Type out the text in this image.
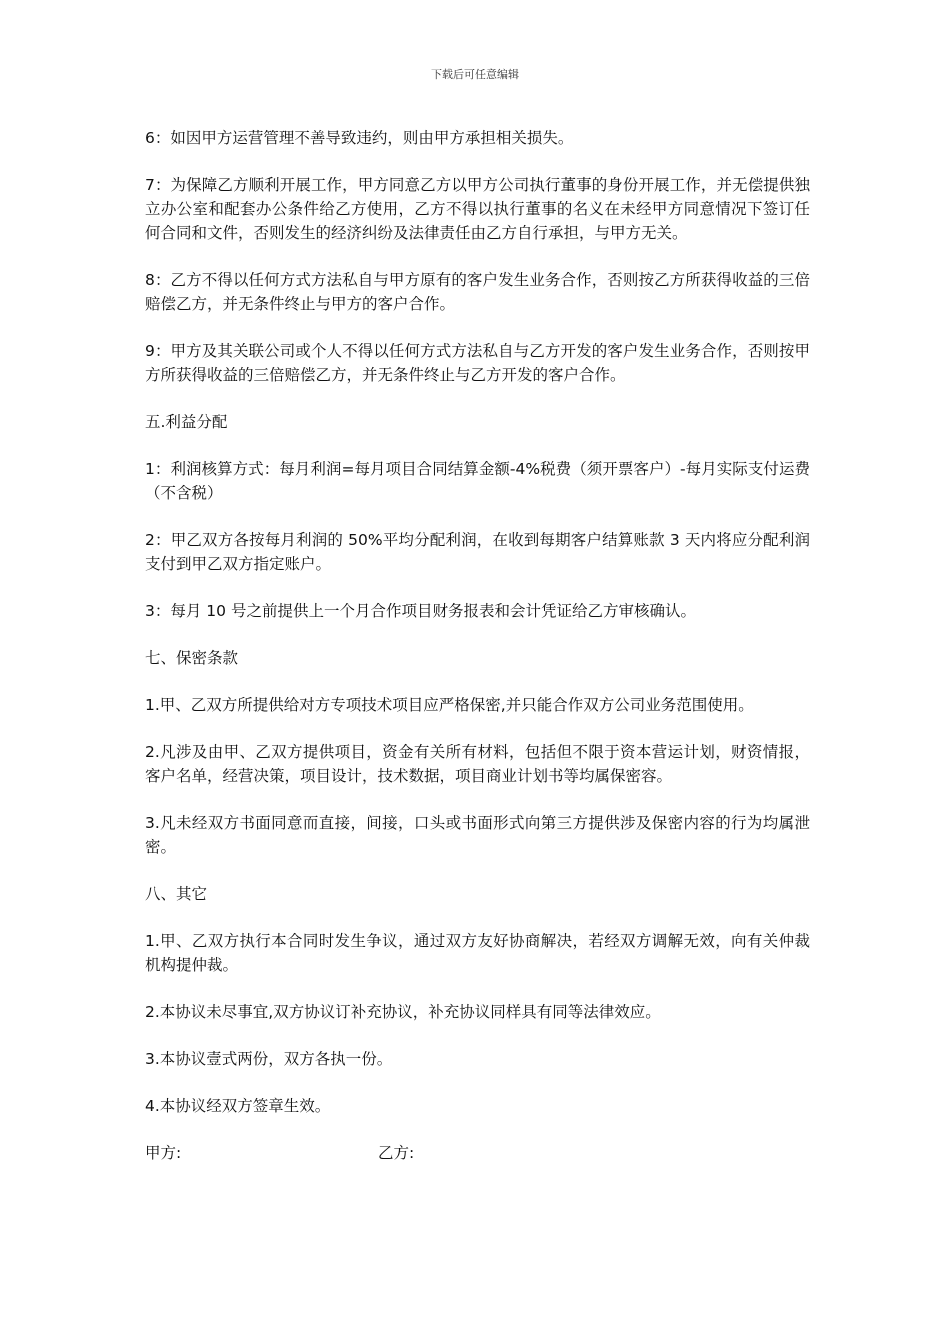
下载后可任意编辑

6：如因甲方运营管理不善导致违约，则由甲方承担相关损失。

7：为保障乙方顺利开展工作，甲方同意乙方以甲方公司执行董事的身份开展工作，并无偿提供独立办公室和配套办公条件给乙方使用，乙方不得以执行董事的名义在未经甲方同意情况下签订任何合同和文件，否则发生的经济纠纷及法律责任由乙方自行承担，与甲方无关。

8：乙方不得以任何方式方法私自与甲方原有的客户发生业务合作，否则按乙方所获得收益的三倍赔偿乙方，并无条件终止与甲方的客户合作。

9：甲方及其关联公司或个人不得以任何方式方法私自与乙方开发的客户发生业务合作，否则按甲方所获得收益的三倍赔偿乙方，并无条件终止与乙方开发的客户合作。

五.利益分配

1：利润核算方式：每月利润=每月项目合同结算金额-4%税费（须开票客户）-每月实际支付运费（不含税）

2：甲乙双方各按每月利润的 50%平均分配利润，在收到每期客户结算账款 3 天内将应分配利润支付到甲乙双方指定账户。

3：每月 10 号之前提供上一个月合作项目财务报表和会计凭证给乙方审核确认。

七、保密条款

1.甲、乙双方所提供给对方专项技术项目应严格保密,并只能合作双方公司业务范围使用。

2.凡涉及由甲、乙双方提供项目，资金有关所有材料，包括但不限于资本营运计划，财资情报，客户名单，经营决策，项目设计，技术数据，项目商业计划书等均属保密容。

3.凡未经双方书面同意而直接，间接，口头或书面形式向第三方提供涉及保密内容的行为均属泄密。

八、其它

1.甲、乙双方执行本合同时发生争议，通过双方友好协商解决，若经双方调解无效，向有关仲裁机构提仲裁。

2.本协议未尽事宜,双方协议订补充协议，补充协议同样具有同等法律效应。

3.本协议壹式两份，双方各执一份。

4.本协议经双方签章生效。

甲方:	乙方:
